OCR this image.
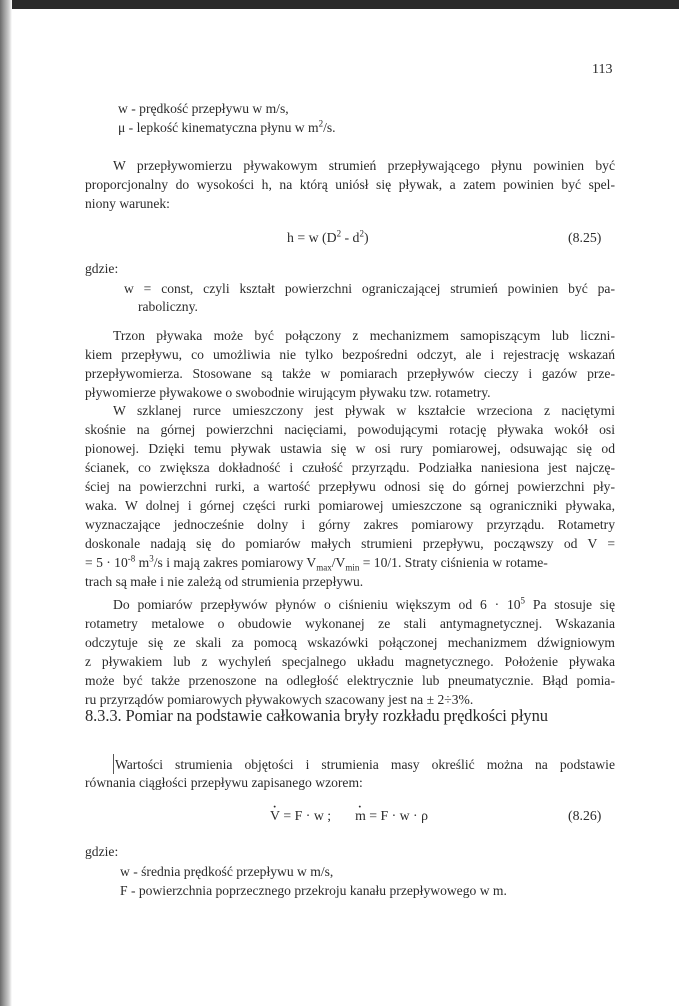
113
w - prędkość przepływu w m/s,
μ - lepkość kinematyczna płynu w $m^2/s$.
W przepływomierzu pływakowym strumień przepływającego płynu powinien być
proporcjonalny do wysokości h, na którą uniósł się pływak, a zatem powinien być spel-
niony warunek:
h = w $(D^2 - d^2)$	(8.25)
gdzie:
w = const, czyli kształt powierzchni ograniczającej strumień powinien być pa-
raboliczny.
Trzon pływaka może być połączony z mechanizmem samopiszącym lub liczni-
kiem przepływu, co umożliwia nie tylko bezpośredni odczyt, ale i rejestrację wskazań
przepływomierza. Stosowane są także w pomiarach przepływów cieczy i gazów prze-
pływomierze pływakowe o swobodnie wirującym pływaku tzw. rotametry.
W szklanej rurce umieszczony jest pływak w kształcie wrzeciona z naciętymi
skośnie na górnej powierzchni nacięciami, powodującymi rotację pływaka wokół osi
pionowej. Dzięki temu pływak ustawia się w osi rury pomiarowej, odsuwając się od
ścianek, co zwiększa dokładność i czułość przyrządu. Podziałka naniesiona jest najczę-
ściej na powierzchni rurki, a wartość przepływu odnosi się do górnej powierzchni pły-
waka. W dolnej i górnej części rurki pomiarowej umieszczone są ograniczniki pływaka,
wyznaczające jednocześnie dolny i górny zakres pomiarowy przyrządu. Rotametry
doskonale nadają się do pomiarów małych strumieni przepływu, począwszy od V =
= $5 \cdot 10^{-8}$ $m^3/s$ i mają zakres pomiarowy $V_{max}/V_{min} = 10/1$. Straty ciśnienia w rotame-
trach są małe i nie zależą od strumienia przepływu.
Do pomiarów przepływów płynów o ciśnieniu większym od $6 \cdot 10^5$ Pa stosuje się
rotametry metalowe o obudowie wykonanej ze stali antymagnetycznej. Wskazania
odczytuje się ze skali za pomocą wskazówki połączonej mechanizmem dźwigniowym
z pływakiem lub z wychyleń specjalnego układu magnetycznego. Położenie pływaka
może być także przenoszone na odległość elektrycznie lub pneumatycznie. Błąd pomia-
ru przyrządów pomiarowych pływakowych szacowany jest na ± 2÷3%.
8.3.3. Pomiar na podstawie całkowania bryły rozkładu prędkości płynu
Wartości strumienia objętości i strumienia masy określić można na podstawie
równania ciągłości przepływu zapisanego wzorem:
· V = F · w ;· m = F · w · ρ	(8.26)
gdzie:
w - średnia prędkość przepływu w m/s,
F - powierzchnia poprzecznego przekroju kanału przepływowego w m.
